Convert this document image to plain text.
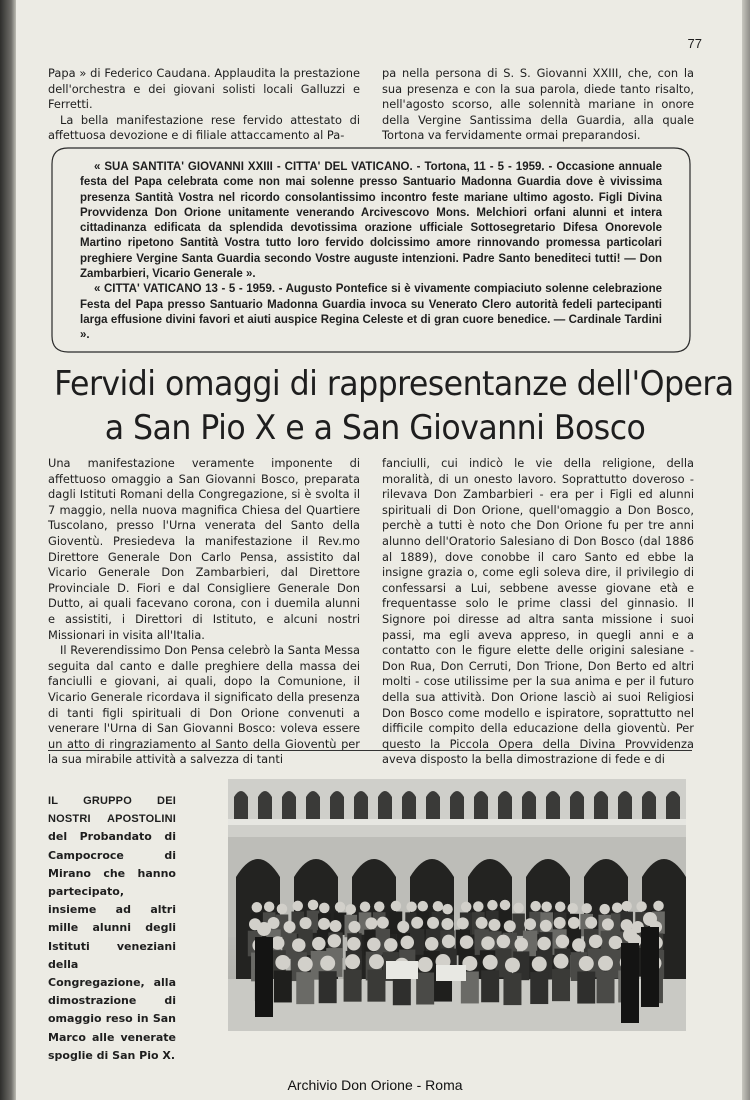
77

Papa » di Federico Caudana. Applaudita la prestazione dell'orchestra e dei giovani solisti locali Galluzzi e Ferretti.

La bella manifestazione rese fervido attestato di affettuosa devozione e di filiale attaccamento al Pa-

pa nella persona di S. S. Giovanni XXIII, che, con la sua presenza e con la sua parola, diede tanto risalto, nell'agosto scorso, alle solennità mariane in onore della Vergine Santissima della Guardia, alla quale Tortona va fervidamente ormai preparandosi.

« SUA SANTITA' GIOVANNI XXIII - CITTA' DEL VATICANO. - Tortona, 11 - 5 - 1959. - Occasione annuale festa del Papa celebrata come non mai solenne presso Santuario Madonna Guardia dove è vivissima presenza Santità Vostra nel ricordo consolantissimo incontro feste mariane ultimo agosto. Figli Divina Provvidenza Don Orione unitamente venerando Arcivescovo Mons. Melchiori orfani alunni et intera cittadinanza edificata da splendida devotissima orazione ufficiale Sottosegretario Difesa Onorevole Martino ripetono Santità Vostra tutto loro fervido dolcissimo amore rinnovando promessa particolari preghiere Vergine Santa Guardia secondo Vostre auguste intenzioni. Padre Santo benediteci tutti! — Don Zambarbieri, Vicario Generale ».

« CITTA' VATICANO 13 - 5 - 1959. - Augusto Pontefice si è vivamente compiaciuto solenne celebrazione Festa del Papa presso Santuario Madonna Guardia invoca su Venerato Clero autorità fedeli partecipanti larga effusione divini favori et aiuti auspice Regina Celeste et di gran cuore benedice. — Cardinale Tardini ».

Fervidi omaggi di rappresentanze dell'Opera
a San Pio X e a San Giovanni Bosco

Una manifestazione veramente imponente di affettuoso omaggio a San Giovanni Bosco, preparata dagli Istituti Romani della Congregazione, si è svolta il 7 maggio, nella nuova magnifica Chiesa del Quartiere Tuscolano, presso l'Urna venerata del Santo della Gioventù. Presiedeva la manifestazione il Rev.mo Direttore Generale Don Carlo Pensa, assistito dal Vicario Generale Don Zambarbieri, dal Direttore Provinciale D. Fiori e dal Consigliere Generale Don Dutto, ai quali facevano corona, con i duemila alunni e assistiti, i Direttori di Istituto, e alcuni nostri Missionari in visita all'Italia.

Il Reverendissimo Don Pensa celebrò la Santa Messa seguita dal canto e dalle preghiere della massa dei fanciulli e giovani, ai quali, dopo la Comunione, il Vicario Generale ricordava il significato della presenza di tanti figli spirituali di Don Orione convenuti a venerare l'Urna di San Giovanni Bosco: voleva essere un atto di ringraziamento al Santo della Gioventù per la sua mirabile attività a salvezza di tanti

fanciulli, cui indicò le vie della religione, della moralità, di un onesto lavoro. Soprattutto doveroso - rilevava Don Zambarbieri - era per i Figli ed alunni spirituali di Don Orione, quell'omaggio a Don Bosco, perchè a tutti è noto che Don Orione fu per tre anni alunno dell'Oratorio Salesiano di Don Bosco (dal 1886 al 1889), dove conobbe il caro Santo ed ebbe la insigne grazia o, come egli soleva dire, il privilegio di confessarsi a Lui, sebbene avesse giovane età e frequentasse solo le prime classi del ginnasio. Il Signore poi diresse ad altra santa missione i suoi passi, ma egli aveva appreso, in quegli anni e a contatto con le figure elette delle origini salesiane - Don Rua, Don Cerruti, Don Trione, Don Berto ed altri molti - cose utilissime per la sua anima e per il futuro della sua attività. Don Orione lasciò ai suoi Religiosi Don Bosco come modello e ispiratore, soprattutto nel difficile compito della educazione della gioventù. Per questo la Piccola Opera della Divina Provvidenza aveva disposto la bella dimostrazione di fede e di

IL GRUPPO DEI NOSTRI APOSTOLINI del Probandato di Campocroce di Mirano che hanno partecipato, insieme ad altri mille alunni degli Istituti veneziani della Congregazione, alla dimostrazione di omaggio reso in San Marco alle venerate spoglie di San Pio X.
Archivio Don Orione - Roma
